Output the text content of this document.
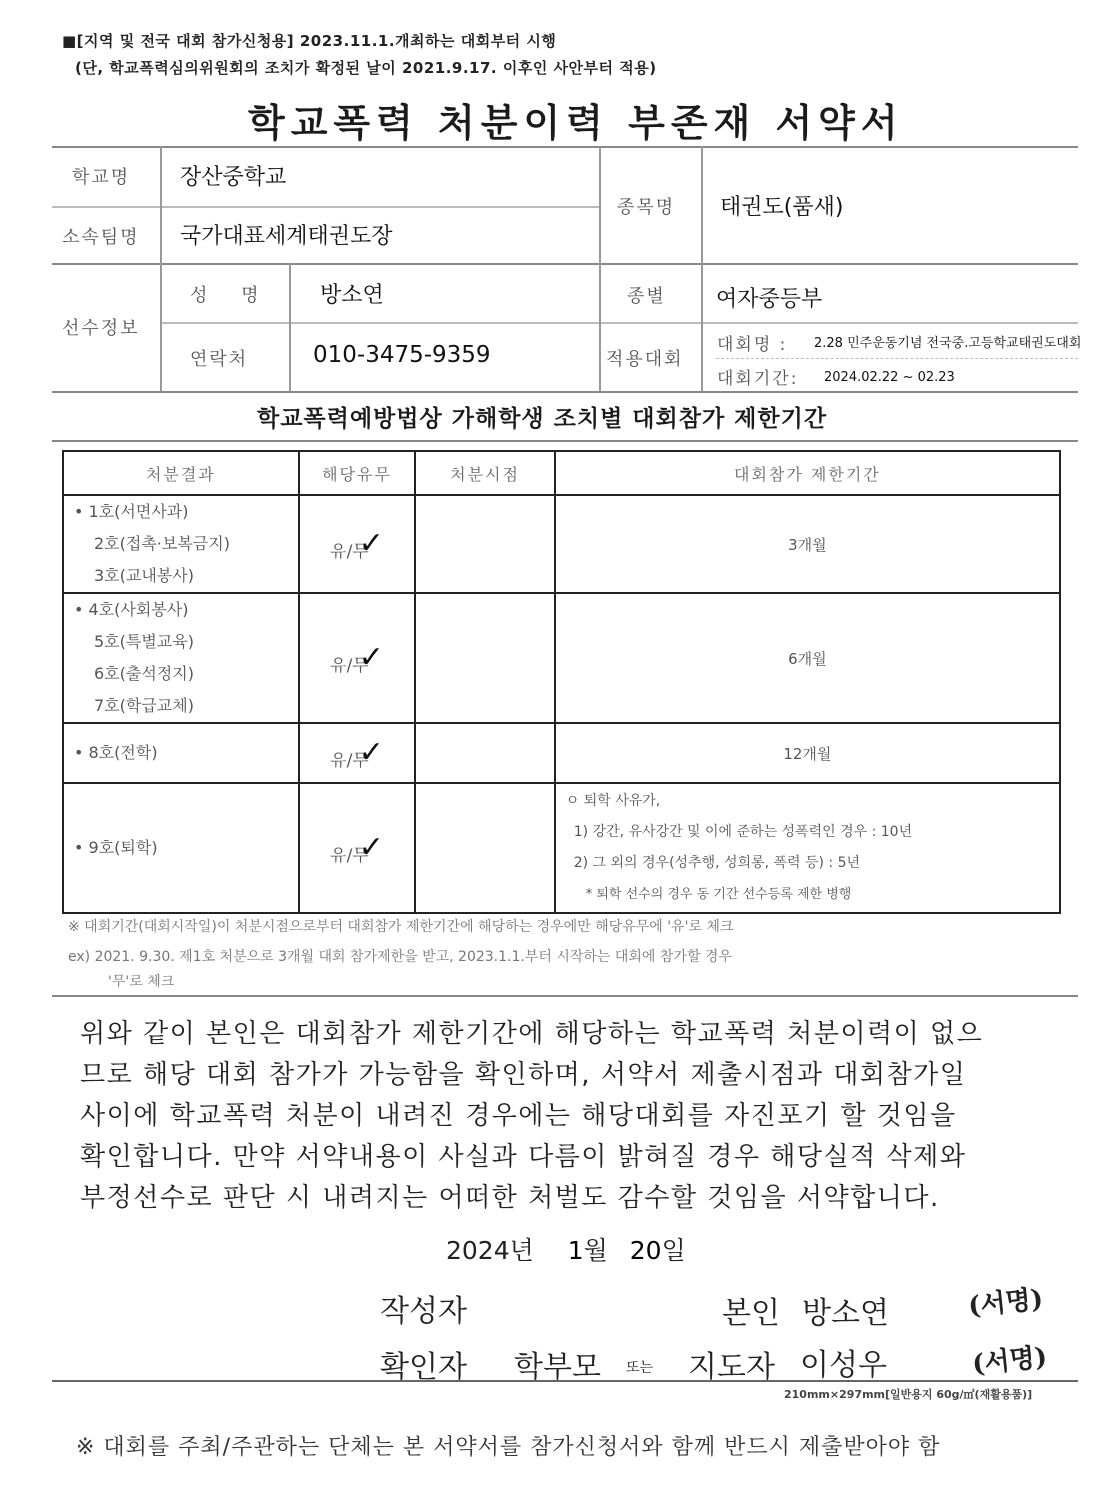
■[지역 및 전국 대회 참가신청용] 2023.11.1.개최하는 대회부터 시행
(단, 학교폭력심의위원회의 조치가 확정된 날이 2021.9.17. 이후인 사안부터 적용)
학교폭력 처분이력 부존재 서약서
학교명 장산중학교
소속팀명 국가대표세계태권도장
종목명 태권도(품새)
선수정보
성 명 방소연	종별 여자중등부
연락처	010-3475-9359	적용대회
대회명 : 2.28 민주운동기념 전국중.고등학교태권도대회
대회기간: 2024.02.22 ~ 02.23
학교폭력예방법상 가해학생 조치별 대회참가 제한기간
처분결과	해당유무	처분시점	대회참가 제한기간

• 1호(서면사과)
2호(접촉·보복금지)
3호(교내봉사)	유/무✓		3개월

• 4호(사회봉사)
5호(특별교육)
6호(출석정지)
7호(학급교체)	유/무✓		6개월

• 8호(전학)	유/무✓		12개월

• 9호(퇴학)	유/무✓		ㅇ 퇴학 사유가,
1) 강간, 유사강간 및 이에 준하는 성폭력인 경우 : 10년
2) 그 외의 경우(성추행, 성희롱, 폭력 등) : 5년
* 퇴학 선수의 경우 동 기간 선수등록 제한 병행
※ 대회기간(대회시작일)이 처분시점으로부터 대회참가 제한기간에 해당하는 경우에만 해당유무에 '유'로 체크
ex) 2021. 9.30. 제1호 처분으로 3개월 대회 참가제한을 받고, 2023.1.1.부터 시작하는 대회에 참가할 경우
'무'로 체크
위와 같이 본인은 대회참가 제한기간에 해당하는 학교폭력 처분이력이 없으
므로 해당 대회 참가가 가능함을 확인하며, 서약서 제출시점과 대회참가일
사이에 학교폭력 처분이 내려진 경우에는 해당대회를 자진포기 할 것임을
확인합니다. 만약 서약내용이 사실과 다름이 밝혀질 경우 해당실적 삭제와
부정선수로 판단 시 내려지는 어떠한 처벌도 감수할 것임을 서약합니다.
2024년 1월 20일
작성자	본인 방소연	(서명)
확인자 학부모 또는 지도자 이성우	(서명)
210mm×297mm[일반용지 60g/㎡(재활용품)]
※ 대회를 주최/주관하는 단체는 본 서약서를 참가신청서와 함께 반드시 제출받아야 함
